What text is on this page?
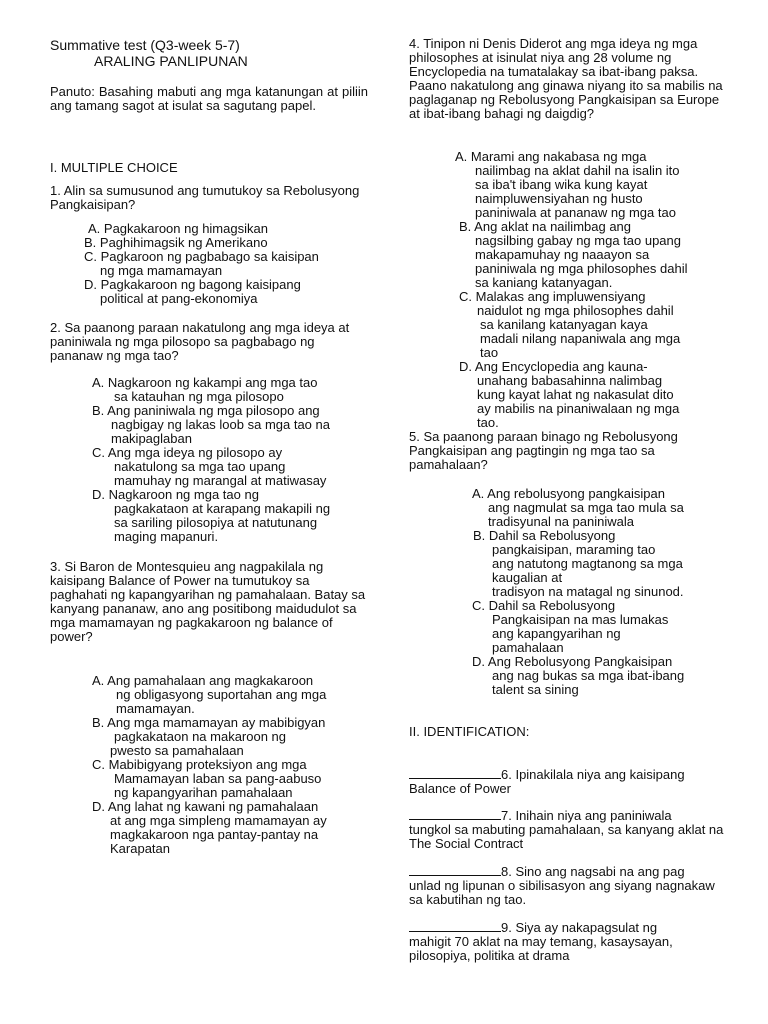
Summative test (Q3-week 5-7)

ARALING PANLIPUNAN

Panuto: Basahing mabuti ang mga katanungan at piliin ang tamang sagot at isulat sa sagutang papel.

I. MULTIPLE CHOICE

1. Alin sa sumusunod ang tumutukoy sa Rebolusyong Pangkaisipan?

A. Pagkakaroon ng himagsikan
B. Paghihimagsik ng Amerikano
C. Pagkaroon ng pagbabago sa kaisipan
ng mga mamamayan
D. Pagkakaroon ng bagong kaisipang
political at pang-ekonomiya

2. Sa paanong paraan nakatulong ang mga ideya at paniniwala ng mga pilosopo sa pagbabago ng pananaw ng mga tao?

A. Nagkaroon ng kakampi ang mga tao
sa katauhan ng mga pilosopo
B. Ang paniniwala ng mga pilosopo ang
nagbigay ng lakas loob sa mga tao na
makipaglaban
C. Ang mga ideya ng pilosopo ay
nakatulong sa mga tao upang
mamuhay ng marangal at matiwasay
D. Nagkaroon ng mga tao ng
pagkakataon at karapang makapili ng
sa sariling pilosopiya at natutunang
maging mapanuri.

3. Si Baron de Montesquieu ang nagpakilala ng kaisipang Balance of Power na tumutukoy sa paghahati ng kapangyarihan ng pamahalaan. Batay sa kanyang pananaw, ano ang positibong maidudulot sa mga mamamayan ng pagkakaroon ng balance of power?

A. Ang pamahalaan ang magkakaroon
ng obligasyong suportahan ang mga
mamamayan.
B. Ang mga mamamayan ay mabibigyan
pagkakataon na makaroon ng
pwesto sa pamahalaan
C. Mabibigyang proteksiyon ang mga
Mamamayan laban sa pang-aabuso
ng kapangyarihan pamahalaan
D. Ang lahat ng kawani ng pamahalaan
at ang mga simpleng mamamayan ay
magkakaroon nga pantay-pantay na
Karapatan

4. Tinipon ni Denis Diderot ang mga ideya ng mga philosophes at isinulat niya ang 28 volume ng Encyclopedia na tumatalakay sa ibat-ibang paksa. Paano nakatulong ang ginawa niyang ito sa mabilis na paglaganap ng Rebolusyong Pangkaisipan sa Europe at ibat-ibang bahagi ng daigdig?

A. Marami ang nakabasa ng mga
nailimbag na aklat dahil na isalin ito
sa iba't ibang wika kung kayat
naimpluwensiyahan ng husto
paniniwala at pananaw ng mga tao
B. Ang aklat na nailimbag ang
nagsilbing gabay ng mga tao upang
makapamuhay ng naaayon sa
paniniwala ng mga philosophes dahil
sa kaniang katanyagan.
C. Malakas ang impluwensiyang
naidulot ng mga philosophes dahil
sa kanilang katanyagan kaya
madali nilang napaniwala ang mga
tao
D. Ang Encyclopedia ang kauna-
unahang babasahinna nalimbag
kung kayat lahat ng nakasulat dito
ay mabilis na pinaniwalaan ng mga
tao.

5. Sa paanong paraan binago ng Rebolusyong Pangkaisipan ang pagtingin ng mga tao sa pamahalaan?

A. Ang rebolusyong pangkaisipan
ang nagmulat sa mga tao mula sa
tradisyunal na paniniwala
B. Dahil sa Rebolusyong
pangkaisipan, maraming tao
ang natutong magtanong sa mga
kaugalian at
tradisyon na matagal ng sinunod.
C. Dahil sa Rebolusyong
Pangkaisipan na mas lumakas
ang kapangyarihan ng
pamahalaan
D. Ang Rebolusyong Pangkaisipan
ang nag bukas sa mga ibat-ibang
talent sa sining

II. IDENTIFICATION:

6. Ipinakilala niya ang kaisipang

Balance of Power

7. Inihain niya ang paniniwala

tungkol sa mabuting pamahalaan, sa kanyang aklat na The Social Contract

8. Sino ang nagsabi na ang pag

unlad ng lipunan o sibilisasyon ang siyang nagnakaw sa kabutihan ng tao.

9. Siya ay nakapagsulat ng

mahigit 70 aklat na may temang, kasaysayan, pilosopiya, politika at drama
